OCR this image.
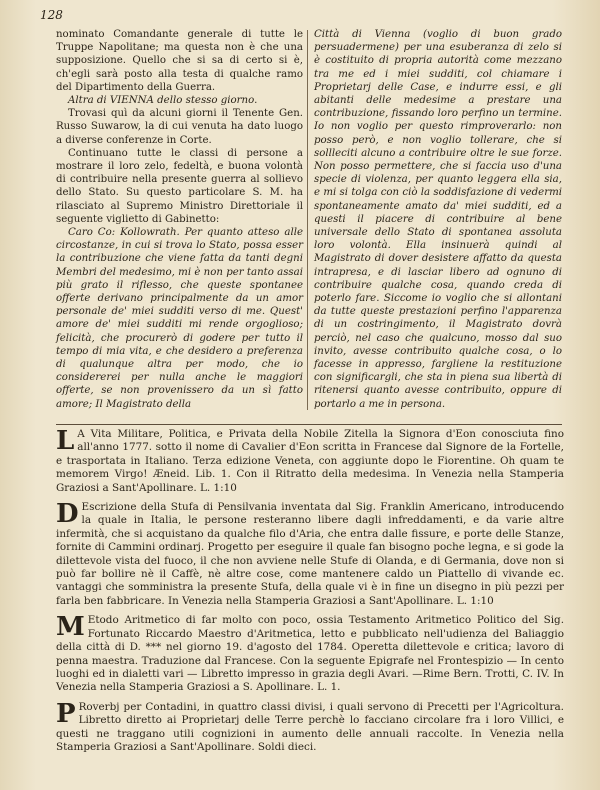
128

nominato Comandante generale di tutte le Truppe Napolitane; ma questa non è che una supposizione. Quello che si sa di certo si è, ch'egli sarà posto alla testa di qualche ramo del Dipartimento della Guerra.

Altra di VIENNA dello stesso giorno.

Trovasi quì da alcuni giorni il Tenente Gen. Russo Suwarow, la di cui venuta ha dato luogo a diverse conferenze in Corte.

Continuano tutte le classi di persone a mostrare il loro zelo, fedeltà, e buona volontà di contribuire nella presente guerra al sollievo dello Stato. Su questo particolare S. M. ha rilasciato al Supremo Ministro Direttoriale il seguente viglietto di Gabinetto:

Caro Co: Kollowrath. Per quanto atteso alle circostanze, in cui si trova lo Stato, possa esser la contribuzione che viene fatta da tanti degni Membri del medesimo, mi è non per tanto assai più grato il riflesso, che queste spontanee offerte derivano principalmente da un amor personale de' miei sudditi verso di me. Quest' amore de' miei sudditi mi rende orgoglioso; felicità, che procurerò di godere per tutto il tempo di mia vita, e che desidero a preferenza di qualunque altra per modo, che io considererei per nulla anche le maggiori offerte, se non provenissero da un sì fatto amore; Il Magistrato della

Città di Vienna (voglio di buon grado persuadermene) per una esuberanza di zelo si è costituito di propria autorità come mezzano tra me ed i miei sudditi, col chiamare i Proprietarj delle Case, e indurre essi, e gli abitanti delle medesime a prestare una contribuzione, fissando loro perfino un termine. Io non voglio per questo rimproverarlo: non posso però, e non voglio tollerare, che si sollleciti alcuno a contribuire oltre le sue forze. Non posso permettere, che si faccia uso d'una specie di violenza, per quanto leggera ella sia, e mi si tolga con ciò la soddisfazione di vedermi spontaneamente amato da' miei sudditi, ed a questi il piacere di contribuire al bene universale dello Stato di spontanea assoluta loro volontà. Ella insinuerà quindi al Magistrato di dover desistere affatto da questa intrapresa, e di lasciar libero ad ognuno di contribuire qualche cosa, quando creda di poterlo fare. Siccome io voglio che si allontani da tutte queste prestazioni perfino l'apparenza di un costringimento, il Magistrato dovrà perciò, nel caso che qualcuno, mosso dal suo invito, avesse contribuito qualche cosa, o lo facesse in appresso, fargliene la restituzione con significargli, che sta in piena sua libertà di ritenersi quanto avesse contribuito, oppure di portarlo a me in persona.

L A Vita Militare, Politica, e Privata della Nobile Zitella la Signora d'Eon conosciuta fino all'anno 1777. sotto il nome di Cavalier d'Eon scritta in Francese dal Signore de la Fortelle, e trasportata in Italiano. Terza edizione Veneta, con aggiunte dopo le Fiorentine. Oh quam te memorem Virgo! Æneid. Lib. 1. Con il Ritratto della medesima. In Venezia nella Stamperia Graziosi a Sant'Apollinare. L. 1:10

D Escrizione della Stufa di Pensilvania inventata dal Sig. Franklin Americano, introducendo la quale in Italia, le persone resteranno libere dagli infreddamenti, e da varie altre infermità, che si acquistano da qualche filo d'Aria, che entra dalle fissure, e porte delle Stanze, fornite di Cammini ordinarj. Progetto per eseguire il quale fan bisogno poche legna, e si gode la dilettevole vista del fuoco, il che non avviene nelle Stufe di Olanda, e di Germania, dove non si può far bollire nè il Caffè, nè altre cose, come mantenere caldo un Piattello di vivande ec. vantaggi che somministra la presente Stufa, della quale vi è in fine un disegno in più pezzi per farla ben fabbricare. In Venezia nella Stamperia Graziosi a Sant'Apollinare. L. 1:10

M Etodo Aritmetico di far molto con poco, ossia Testamento Aritmetico Politico del Sig. Fortunato Riccardo Maestro d'Aritmetica, letto e pubblicato nell'udienza del Baliaggio della città di D. *** nel giorno 19. d'agosto del 1784. Operetta dilettevole e critica; lavoro di penna maestra. Traduzione dal Francese. Con la seguente Epigrafe nel Frontespizio — In cento luoghi ed in dialetti vari — Libretto impresso in grazia degli Avari. —Rime Bern. Trotti, C. IV. In Venezia nella Stamperia Graziosi a S. Apollinare. L. 1.

P Roverbj per Contadini, in quattro classi divisi, i quali servono di Precetti per l'Agricoltura. Libretto diretto ai Proprietarj delle Terre perchè lo facciano circolare fra i loro Villici, e questi ne traggano utili cognizioni in aumento delle annuali raccolte. In Venezia nella Stamperia Graziosi a Sant'Apollinare. Soldi dieci.
